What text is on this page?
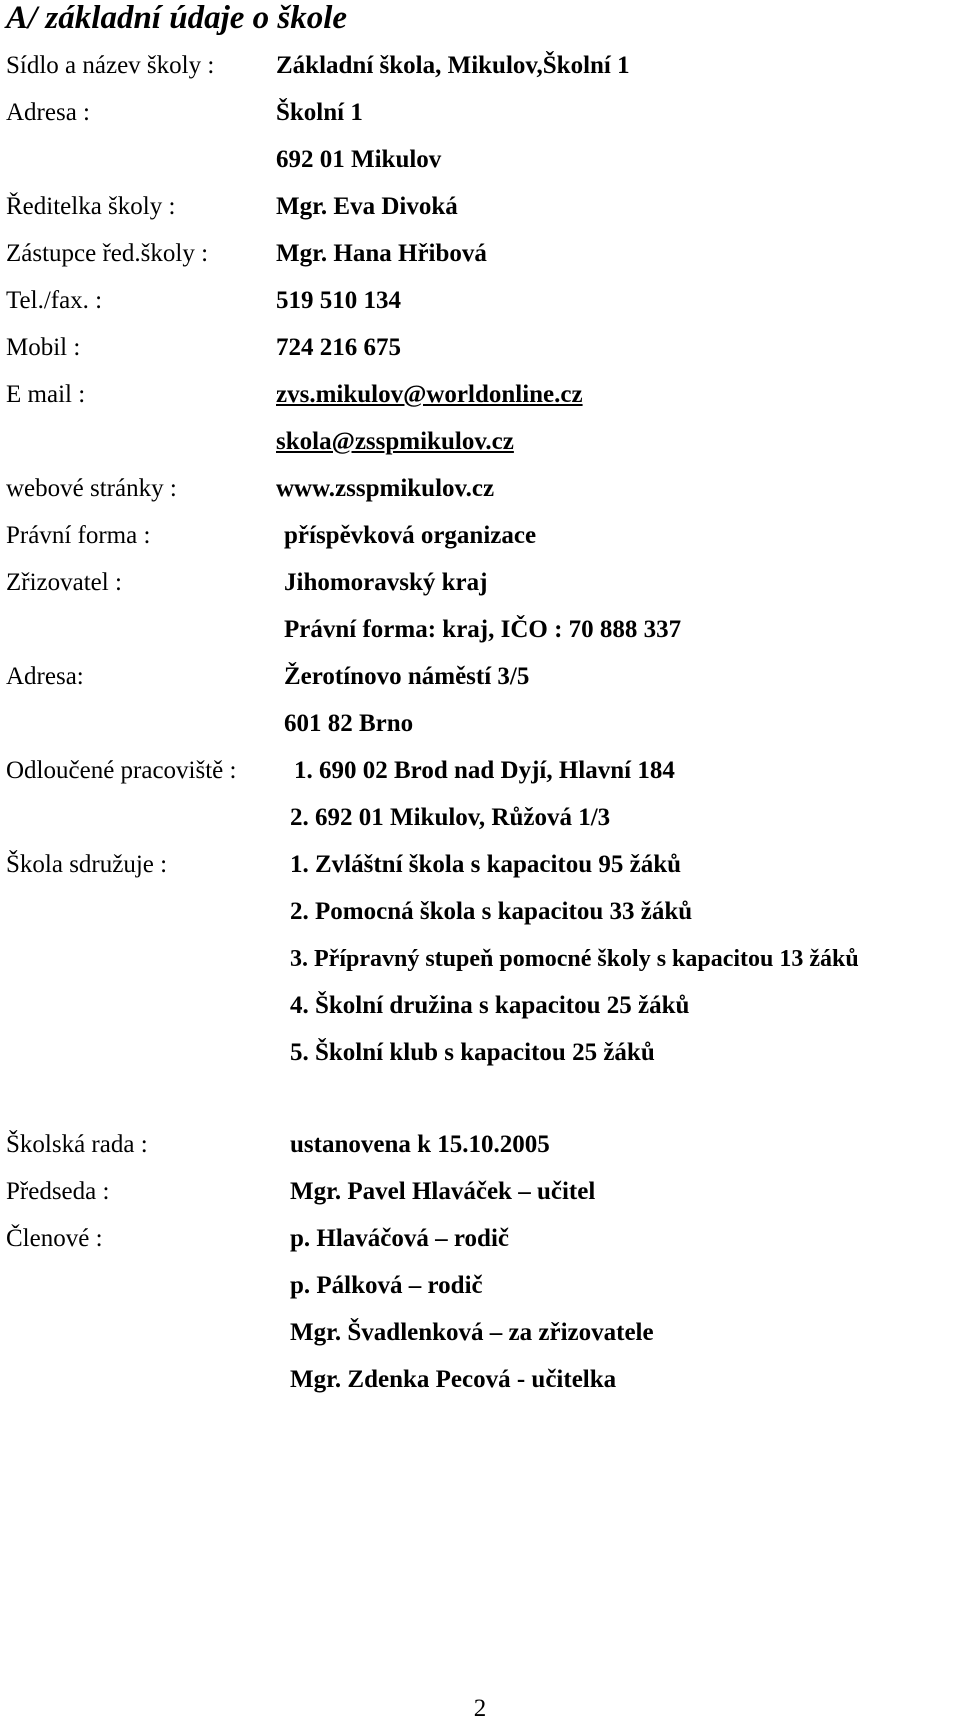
A/ základní údaje o škole
Sídlo a název školy : Základní škola, Mikulov,Školní 1
Adresa :	Školní 1
692 01 Mikulov
Ředitelka školy :	Mgr. Eva Divoká
Zástupce řed.školy :	Mgr. Hana Hřibová
Tel./fax. :	519 510 134
Mobil :	724 216 675
E mail :	zvs.mikulov@worldonline.cz
skola@zsspmikulov.cz
webové stránky :	www.zsspmikulov.cz
Právní forma :	příspěvková organizace
Zřizovatel :	Jihomoravský kraj
Právní forma: kraj, IČO : 70 888 337
Adresa:	Žerotínovo náměstí 3/5
601 82 Brno
Odloučené pracoviště : 1. 690 02 Brod nad Dyjí, Hlavní 184
2. 692 01 Mikulov, Růžová 1/3
Škola sdružuje :	1. Zvláštní škola s kapacitou 95 žáků
2. Pomocná škola s kapacitou 33 žáků
3. Přípravný stupeň pomocné školy s kapacitou 13 žáků
4. Školní družina s kapacitou 25 žáků
5. Školní klub s kapacitou 25 žáků
Školská rada :	ustanovena k 15.10.2005
Předseda :	Mgr. Pavel Hlaváček – učitel
Členové :	p. Hlaváčová – rodič
p. Pálková – rodič
Mgr. Švadlenková – za zřizovatele
Mgr. Zdenka Pecová - učitelka
2
